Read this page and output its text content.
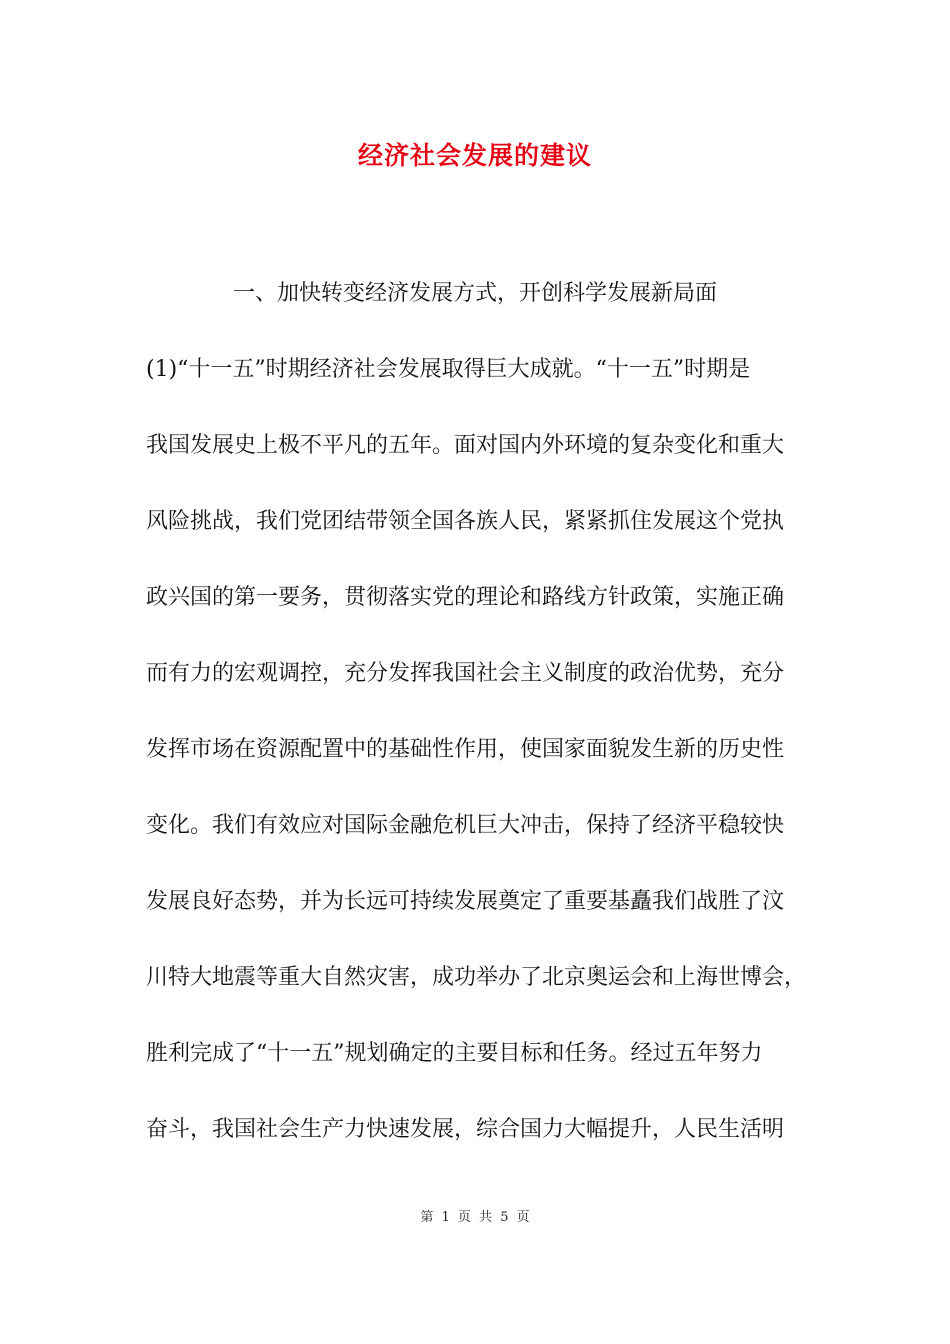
经济社会发展的建议
一、加快转变经济发展方式，开创科学发展新局面
(1)“十一五”时期经济社会发展取得巨大成就。“十一五”时期是
我国发展史上极不平凡的五年。面对国内外环境的复杂变化和重大
风险挑战，我们党团结带领全国各族人民，紧紧抓住发展这个党执
政兴国的第一要务，贯彻落实党的理论和路线方针政策，实施正确
而有力的宏观调控，充分发挥我国社会主义制度的政治优势，充分
发挥市场在资源配置中的基础性作用，使国家面貌发生新的历史性
变化。我们有效应对国际金融危机巨大冲击，保持了经济平稳较快
发展良好态势，并为长远可持续发展奠定了重要基矗我们战胜了汶
川特大地震等重大自然灾害，成功举办了北京奥运会和上海世博会，
胜利完成了“十一五”规划确定的主要目标和任务。经过五年努力
奋斗，我国社会生产力快速发展，综合国力大幅提升，人民生活明
第 1 页 共 5 页
